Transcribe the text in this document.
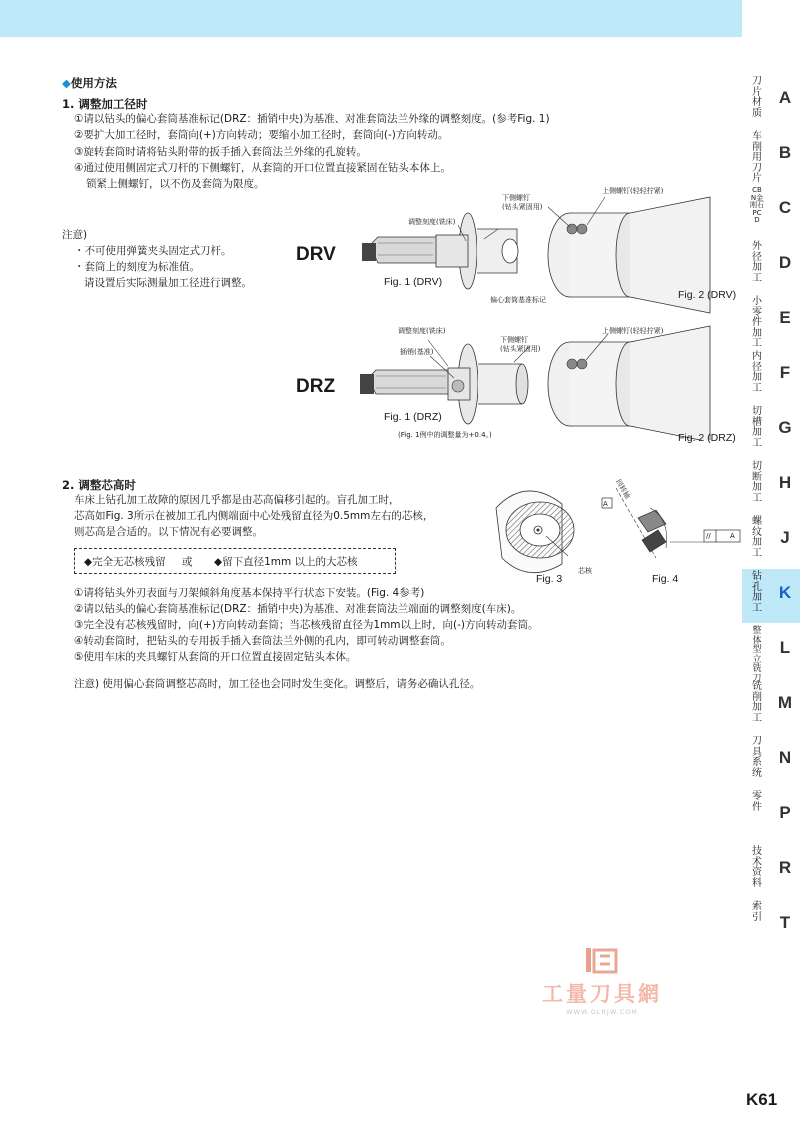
◆使用方法
1. 调整加工径时
①请以钻头的偏心套筒基准标记(DRZ：插销中央)为基准、对准套筒法兰外缘的调整刻度。(参考Fig. 1)
②要扩大加工径时，套筒向(+)方向转动；要缩小加工径时，套筒向(-)方向转动。
③旋转套筒时请将钻头附带的扳手插入套筒法兰外缘的孔旋转。
④通过使用侧固定式刀杆的下侧螺钉，从套筒的开口位置直接紧固在钻头本体上。
锁紧上侧螺钉，以不伤及套筒为限度。
注意)
・不可使用弹簧夹头固定式刀杆。
・套筒上的刻度为标准值。
请设置后实际测量加工径进行调整。
DRV
调整刻度(铣床)
下侧螺钉
(钻头紧固用)
上侧螺钉(轻轻拧紧)
偏心套筒基准标记
Fig. 1 (DRV)
Fig. 2 (DRV)
DRZ
调整刻度(铣床)
插销(基准)
下侧螺钉
(钻头紧固用)
上侧螺钉(轻轻拧紧)
Fig. 1 (DRZ)
(Fig. 1例中的调整量为+0.4。)	Fig. 2 (DRZ)
2. 调整芯高时
车床上钻孔加工故障的原因几乎都是由芯高偏移引起的。盲孔加工时，
芯高如Fig. 3所示在被加工孔内侧端面中心处残留直径为0.5mm左右的芯核，
则芯高是合适的。以下情况有必要调整。
◆完全无芯核残留 或 ◆留下直径1mm 以上的大芯核
①请将钻头外刃表面与刀架倾斜角度基本保持平行状态下安装。(Fig. 4参考)
②请以钻头的偏心套筒基准标记(DRZ：插销中央)为基准、对准套筒法兰端面的调整刻度(车床)。
③完全没有芯核残留时，向(+)方向转动套筒；当芯核残留直径为1mm以上时，向(-)方向转动套筒。
④转动套筒时，把钻头的专用扳手插入套筒法兰外侧的孔内，即可转动调整套筒。
⑤使用车床的夹具螺钉从套筒的开口位置直接固定钻头本体。
注意) 使用偏心套筒调整芯高时，加工径也会同时发生变化。调整后，请务必确认孔径。
A
回转轴
//	A
芯核
Fig. 3	Fig. 4
刀片材质
A
车削用刀片
B
CBN金刚石PCD
C
外径加工
D
小零件加工
E
内径加工
F
切槽加工
G
切断加工
H
螺纹加工
J
钻孔加工
K
整体型立铣刀
L
铣削加工
M
刀具系统
N
零件	P
技术资料
R
索引	T
工量刀具網
WWW.GLRJW.COM
K61
